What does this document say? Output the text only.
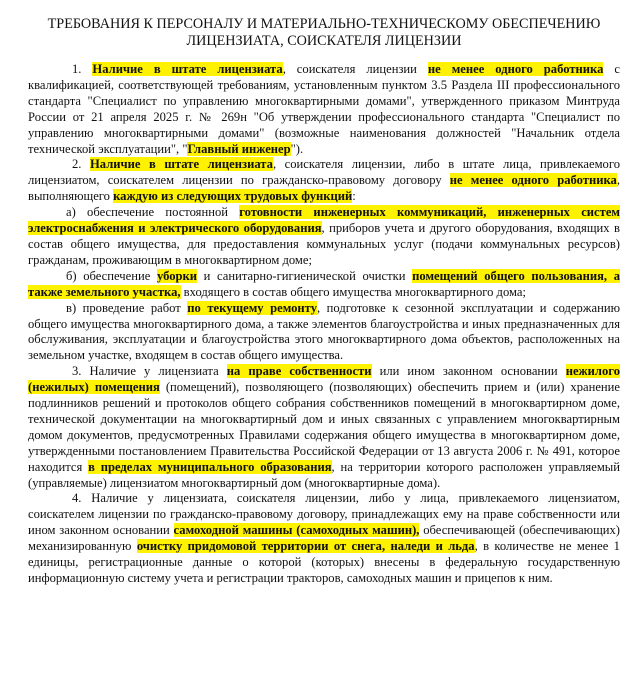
ТРЕБОВАНИЯ К ПЕРСОНАЛУ И МАТЕРИАЛЬНО-ТЕХНИЧЕСКОМУ ОБЕСПЕЧЕНИЮ
ЛИЦЕНЗИАТА, СОИСКАТЕЛЯ ЛИЦЕНЗИИ

1. Наличие в штате лицензиата, соискателя лицензии не менее одного работника с квалификацией, соответствующей требованиям, установленным пунктом 3.5 Раздела III профессионального стандарта "Специалист по управлению многоквартирными домами", утвержденного приказом Минтруда России от 21 апреля 2025 г. № 269н "Об утверждении профессионального стандарта "Специалист по управлению многоквартирными домами" (возможные наименования должностей "Начальник отдела технической эксплуатации", "Главный инженер").

2. Наличие в штате лицензиата, соискателя лицензии, либо в штате лица, привлекаемого лицензиатом, соискателем лицензии по гражданско-правовому договору не менее одного работника, выполняющего каждую из следующих трудовых функций:

а) обеспечение постоянной готовности инженерных коммуникаций, инженерных систем электроснабжения и электрического оборудования, приборов учета и другого оборудования, входящих в состав общего имущества, для предоставления коммунальных услуг (подачи коммунальных ресурсов) гражданам, проживающим в многоквартирном доме;

б) обеспечение уборки и санитарно-гигиенической очистки помещений общего пользования, а также земельного участка, входящего в состав общего имущества многоквартирного дома;

в) проведение работ по текущему ремонту, подготовке к сезонной эксплуатации и содержанию общего имущества многоквартирного дома, а также элементов благоустройства и иных предназначенных для обслуживания, эксплуатации и благоустройства этого многоквартирного дома объектов, расположенных на земельном участке, входящем в состав общего имущества.

3. Наличие у лицензиата на праве собственности или ином законном основании нежилого (нежилых) помещения (помещений), позволяющего (позволяющих) обеспечить прием и (или) хранение подлинников решений и протоколов общего собрания собственников помещений в многоквартирном доме, технической документации на многоквартирный дом и иных связанных с управлением многоквартирным домом документов, предусмотренных Правилами содержания общего имущества в многоквартирном доме, утвержденными постановлением Правительства Российской Федерации от 13 августа 2006 г. № 491, которое находится в пределах муниципального образования, на территории которого расположен управляемый (управляемые) лицензиатом многоквартирный дом (многоквартирные дома).

4. Наличие у лицензиата, соискателя лицензии, либо у лица, привлекаемого лицензиатом, соискателем лицензии по гражданско-правовому договору, принадлежащих ему на праве собственности или ином законном основании самоходной машины (самоходных машин), обеспечивающей (обеспечивающих) механизированную очистку придомовой территории от снега, наледи и льда, в количестве не менее 1 единицы, регистрационные данные о которой (которых) внесены в федеральную государственную информационную систему учета и регистрации тракторов, самоходных машин и прицепов к ним.
